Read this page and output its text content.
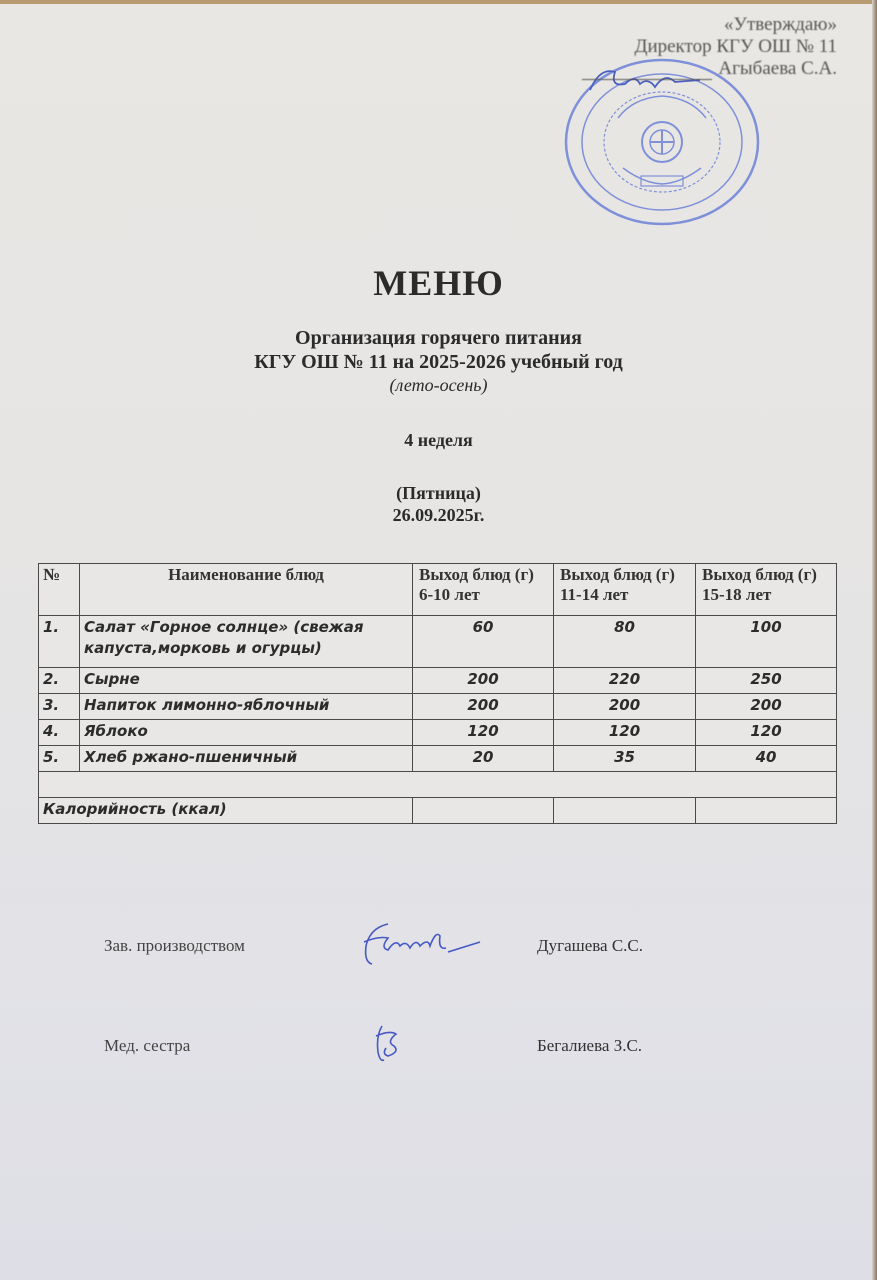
«Утверждаю»
Директор КГУ ОШ № 11
Агыбаева С.А.
МЕНЮ
Организация горячего питания
КГУ ОШ № 11 на 2025-2026 учебный год
(лето-осень)
4 неделя
(Пятница)
26.09.2025г.
№	Наименование блюд	Выход блюд (г) 6-10 лет	Выход блюд (г) 11-14 лет	Выход блюд (г) 15-18 лет
1.	Салат «Горное солнце» (свежая капуста,морковь и огурцы)	60	80	100
2.	Сырне	200	220	250
3.	Напиток лимонно-яблочный	200	200	200
4.	Яблоко	120	120	120
5.	Хлеб ржано-пшеничный	20	35	40

Калорийность (ккал)				
Зав. производством	Дугашева С.С.
Мед. сестра	Бегалиева З.С.
